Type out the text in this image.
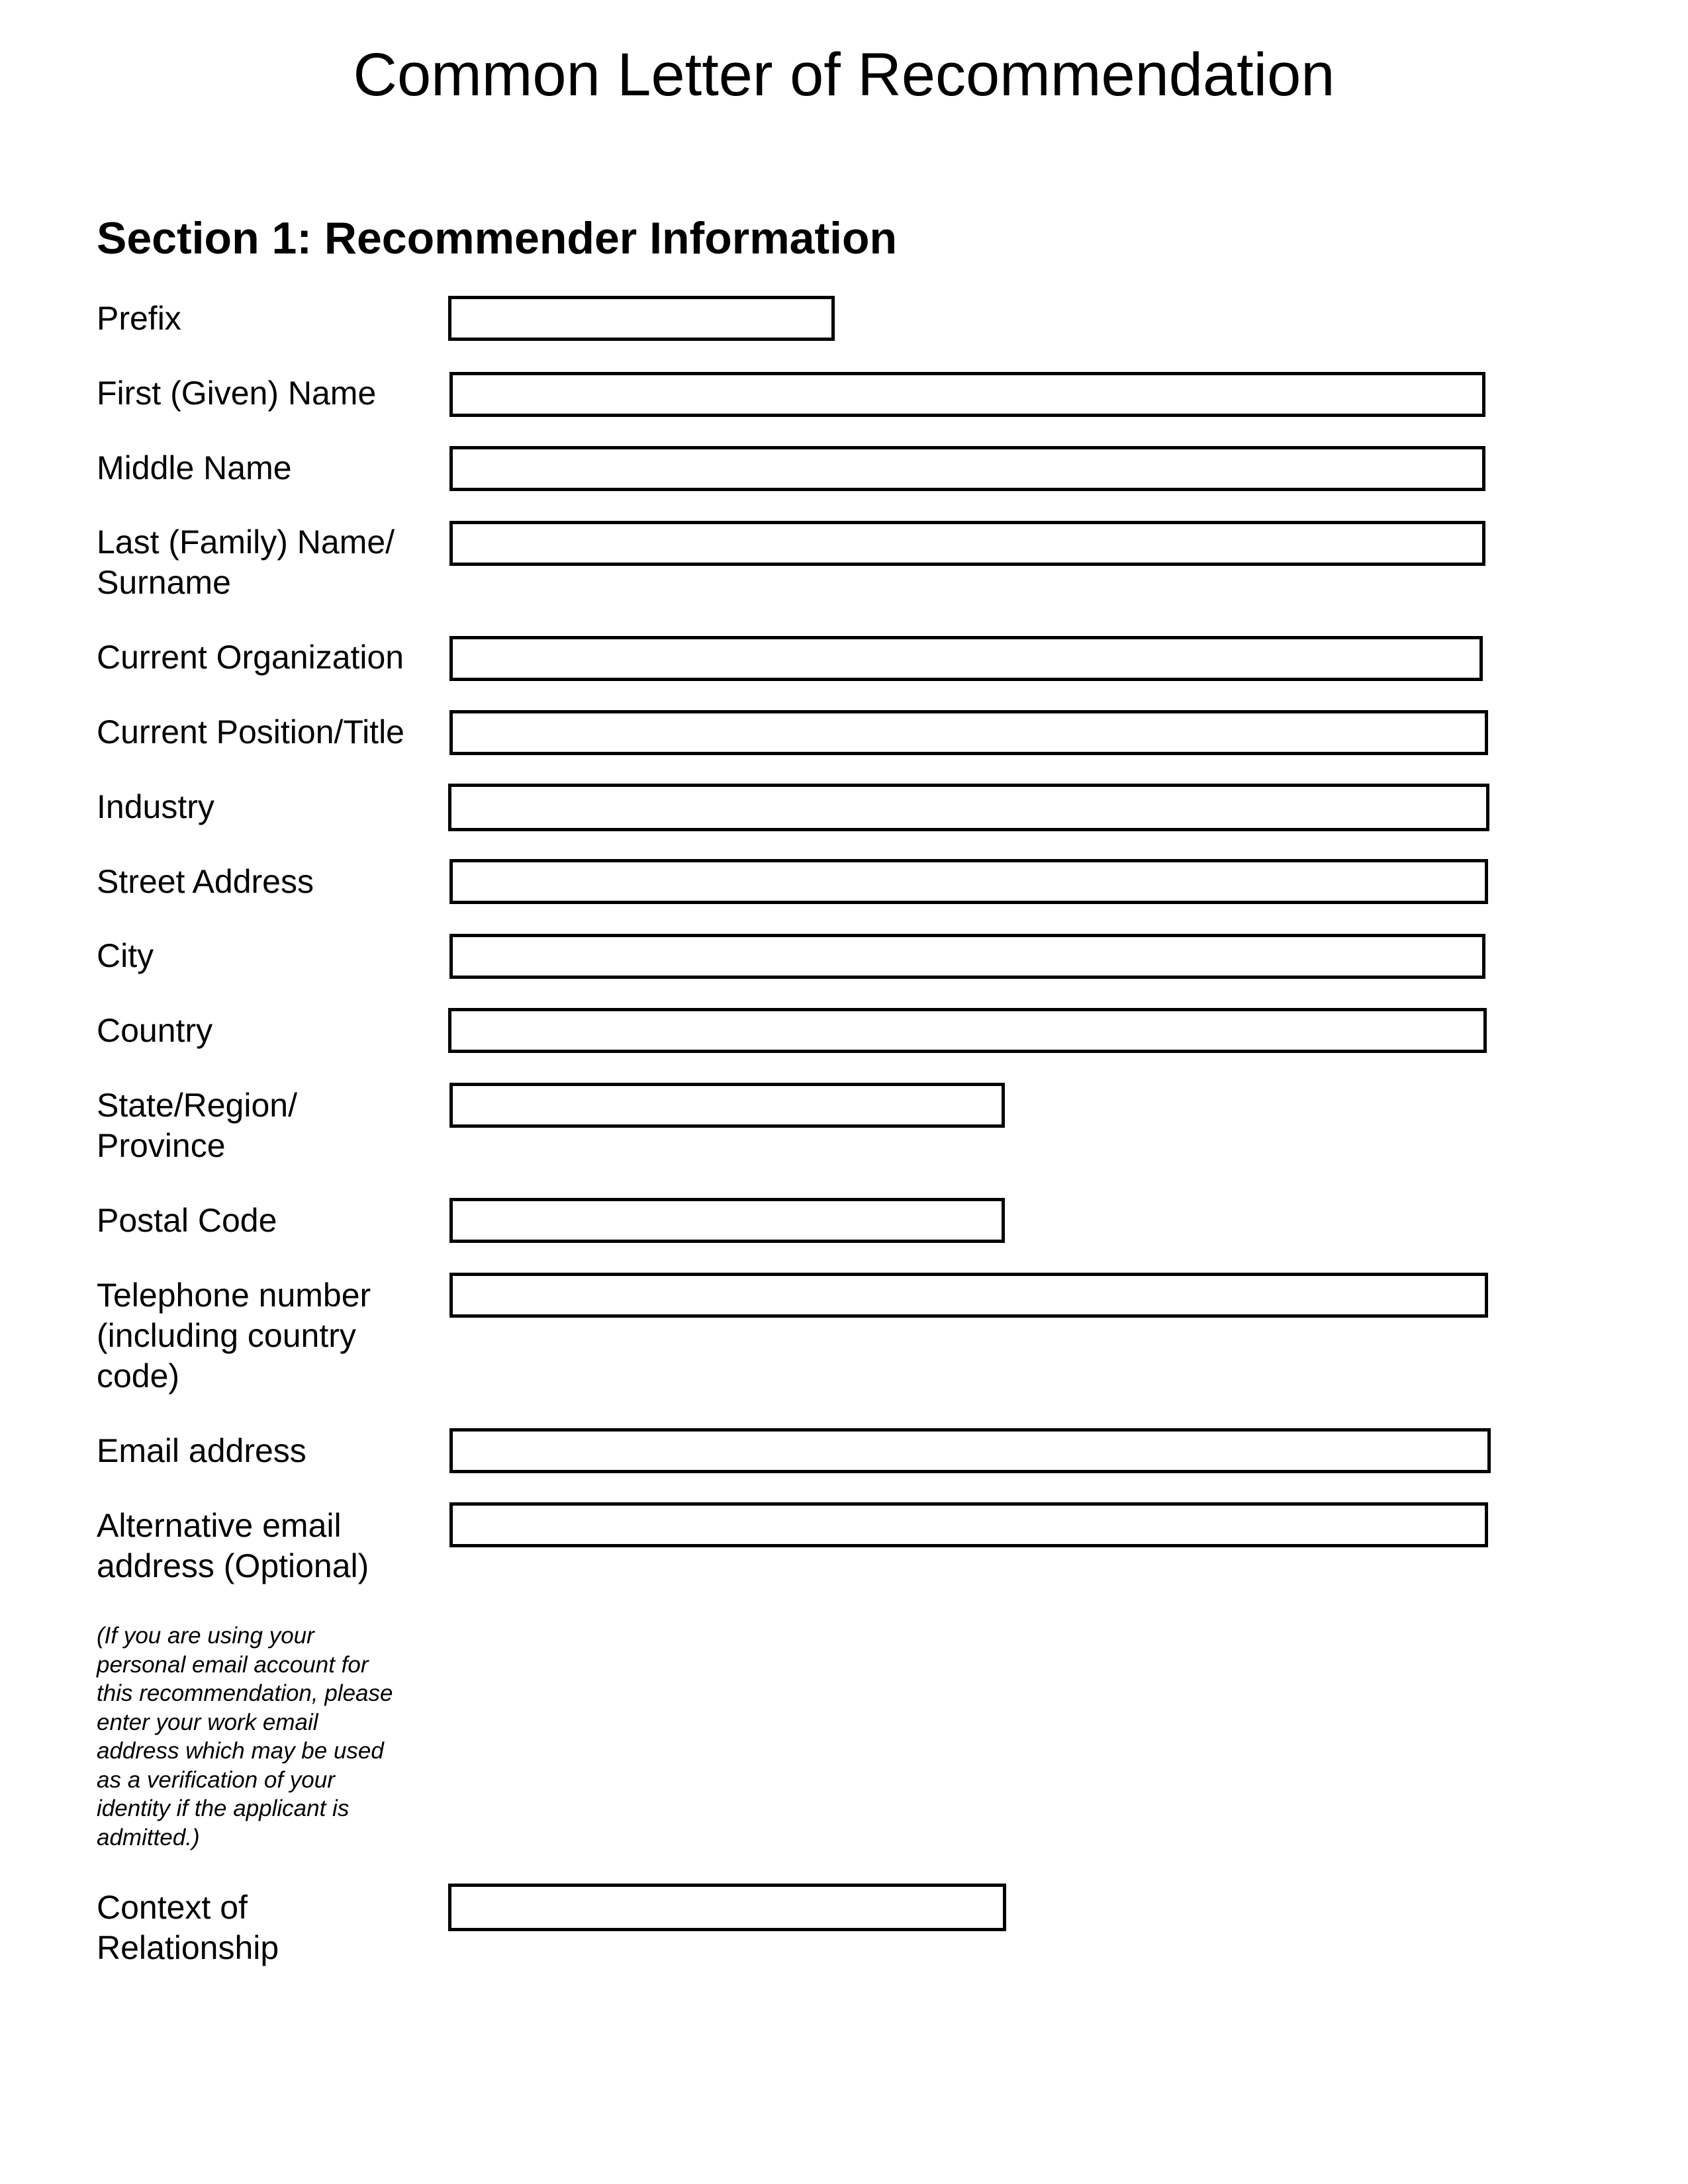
Common Letter of Recommendation
Section 1: Recommender Information
Prefix
First (Given) Name
Middle Name
Last (Family) Name/
Surname
Current Organization
Current Position/Title
Industry
Street Address
City
Country
State/Region/
Province
Postal Code
Telephone number
(including country
code)
Email address
Alternative email
address (Optional)
(If you are using your personal email account for this recommendation, please enter your work email address which may be used as a verification of your identity if the applicant is admitted.)
Context of
Relationship
